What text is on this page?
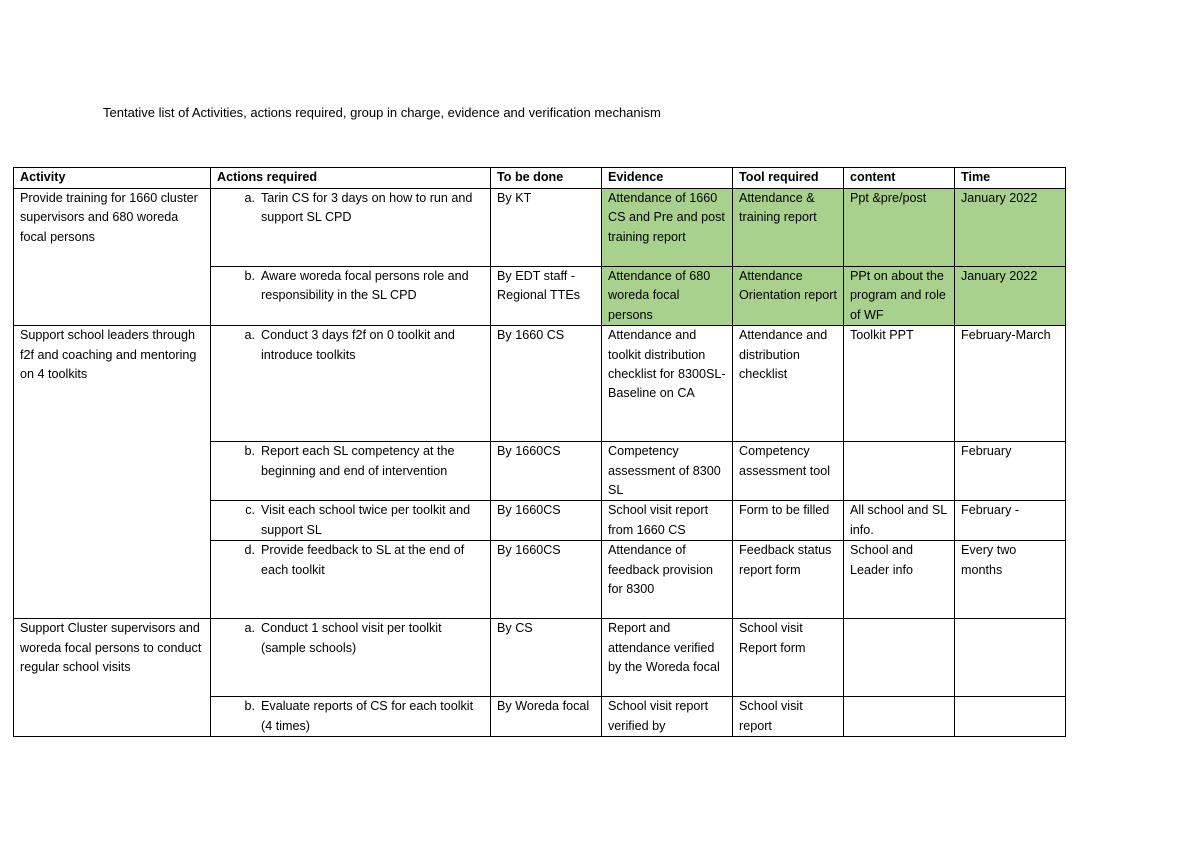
Tentative list of Activities, actions required, group in charge, evidence and verification mechanism
Activity	Actions required	To be done	Evidence	Tool required	content	Time
Provide training for 1660 cluster supervisors and 680 woreda focal persons	a. Tarin CS for 3 days on how to run and support SL CPD	By KT	Attendance of 1660 CS and Pre and post training report	Attendance & training report	Ppt &pre/post	January 2022

	b. Aware woreda focal persons role and responsibility in the SL CPD	By EDT staff -Regional TTEs	Attendance of 680 woreda focal persons	Attendance Orientation report	PPt on about the program and role of WF	January 2022
Support school leaders through f2f and coaching and mentoring on 4 toolkits	a. Conduct 3 days f2f on 0 toolkit and introduce toolkits	By 1660 CS	Attendance and toolkit distribution checklist for 8300SL- Baseline on CA	Attendance and distribution checklist	Toolkit PPT	February-March

	b. Report each SL competency at the beginning and end of intervention	By 1660CS	Competency assessment of 8300 SL	Competency assessment tool		February

	c. Visit each school twice per toolkit and support SL	By 1660CS	School visit report from 1660 CS	Form to be filled	All school and SL info.	February -

	d. Provide feedback to SL at the end of each toolkit	By 1660CS	Attendance of feedback provision for 8300	Feedback status report form	School and Leader info	Every two months
Support Cluster supervisors and woreda focal persons to conduct regular school visits	a. Conduct 1 school visit per toolkit (sample schools)	By CS	Report and attendance verified by the Woreda focal	School visit Report form		

	b. Evaluate reports of CS for each toolkit (4 times)	By Woreda focal	School visit report verified by	School visit report		
